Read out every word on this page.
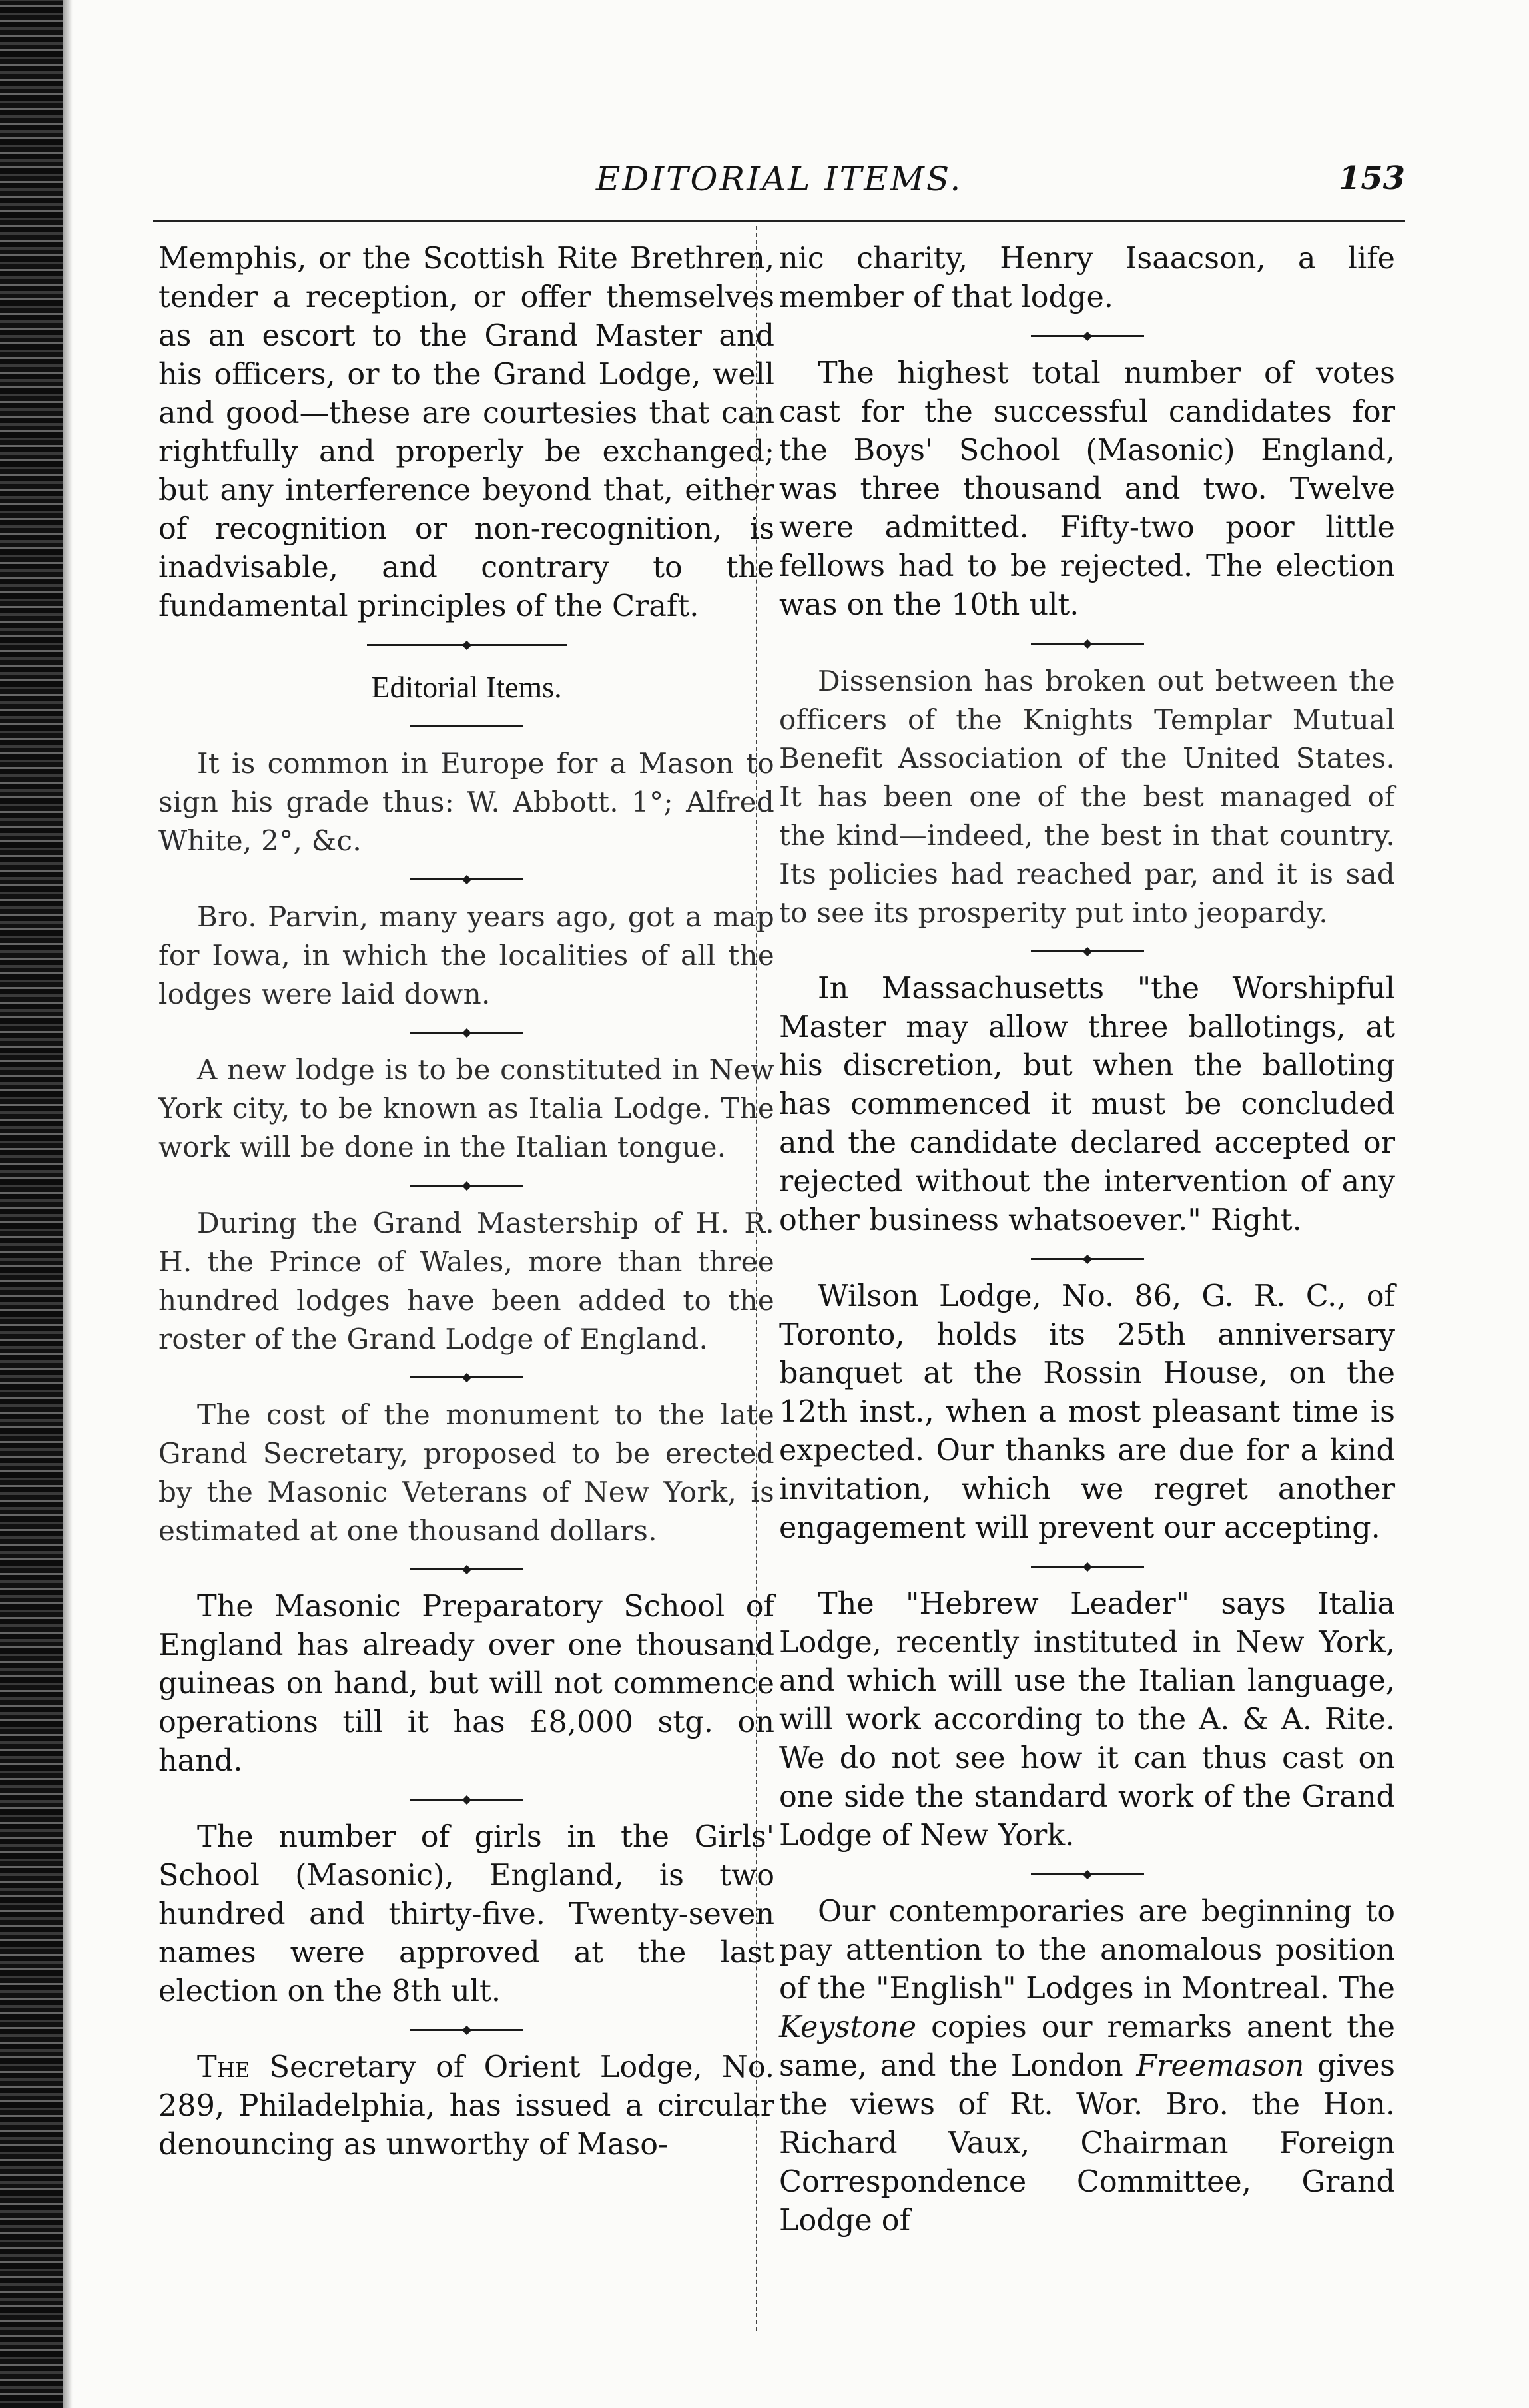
EDITORIAL ITEMS.	153

Memphis, or the Scottish Rite Brethren, tender a reception, or offer themselves as an escort to the Grand Master and his officers, or to the Grand Lodge, well and good—these are courtesies that can rightfully and properly be exchanged; but any interference beyond that, either of recognition or non-recognition, is inadvisable, and contrary to the fundamental principles of the Craft.

Editorial Items.

It is common in Europe for a Mason to sign his grade thus: W. Abbott. 1°; Alfred White, 2°, &c.

Bro. Parvin, many years ago, got a map for Iowa, in which the localities of all the lodges were laid down.

A new lodge is to be constituted in New York city, to be known as Italia Lodge. The work will be done in the Italian tongue.

During the Grand Mastership of H. R. H. the Prince of Wales, more than three hundred lodges have been added to the roster of the Grand Lodge of England.

The cost of the monument to the late Grand Secretary, proposed to be erected by the Masonic Veterans of New York, is estimated at one thousand dollars.

The Masonic Preparatory School of England has already over one thousand guineas on hand, but will not commence operations till it has £8,000 stg. on hand.

The number of girls in the Girls' School (Masonic), England, is two hundred and thirty-five. Twenty-seven names were approved at the last election on the 8th ult.

The Secretary of Orient Lodge, No. 289, Philadelphia, has issued a circular denouncing as unworthy of Maso-

nic charity, Henry Isaacson, a life member of that lodge.

The highest total number of votes cast for the successful candidates for the Boys' School (Masonic) England, was three thousand and two. Twelve were admitted. Fifty-two poor little fellows had to be rejected. The election was on the 10th ult.

Dissension has broken out between the officers of the Knights Templar Mutual Benefit Association of the United States. It has been one of the best managed of the kind—indeed, the best in that country. Its policies had reached par, and it is sad to see its prosperity put into jeopardy.

In Massachusetts "the Worshipful Master may allow three ballotings, at his discretion, but when the balloting has commenced it must be concluded and the candidate declared accepted or rejected without the intervention of any other business whatsoever." Right.

Wilson Lodge, No. 86, G. R. C., of Toronto, holds its 25th anniversary banquet at the Rossin House, on the 12th inst., when a most pleasant time is expected. Our thanks are due for a kind invitation, which we regret another engagement will prevent our accepting.

The "Hebrew Leader" says Italia Lodge, recently instituted in New York, and which will use the Italian language, will work according to the A. & A. Rite. We do not see how it can thus cast on one side the standard work of the Grand Lodge of New York.

Our contemporaries are beginning to pay attention to the anomalous position of the "English" Lodges in Montreal. The Keystone copies our remarks anent the same, and the London Freemason gives the views of Rt. Wor. Bro. the Hon. Richard Vaux, Chairman Foreign Correspondence Committee, Grand Lodge of
